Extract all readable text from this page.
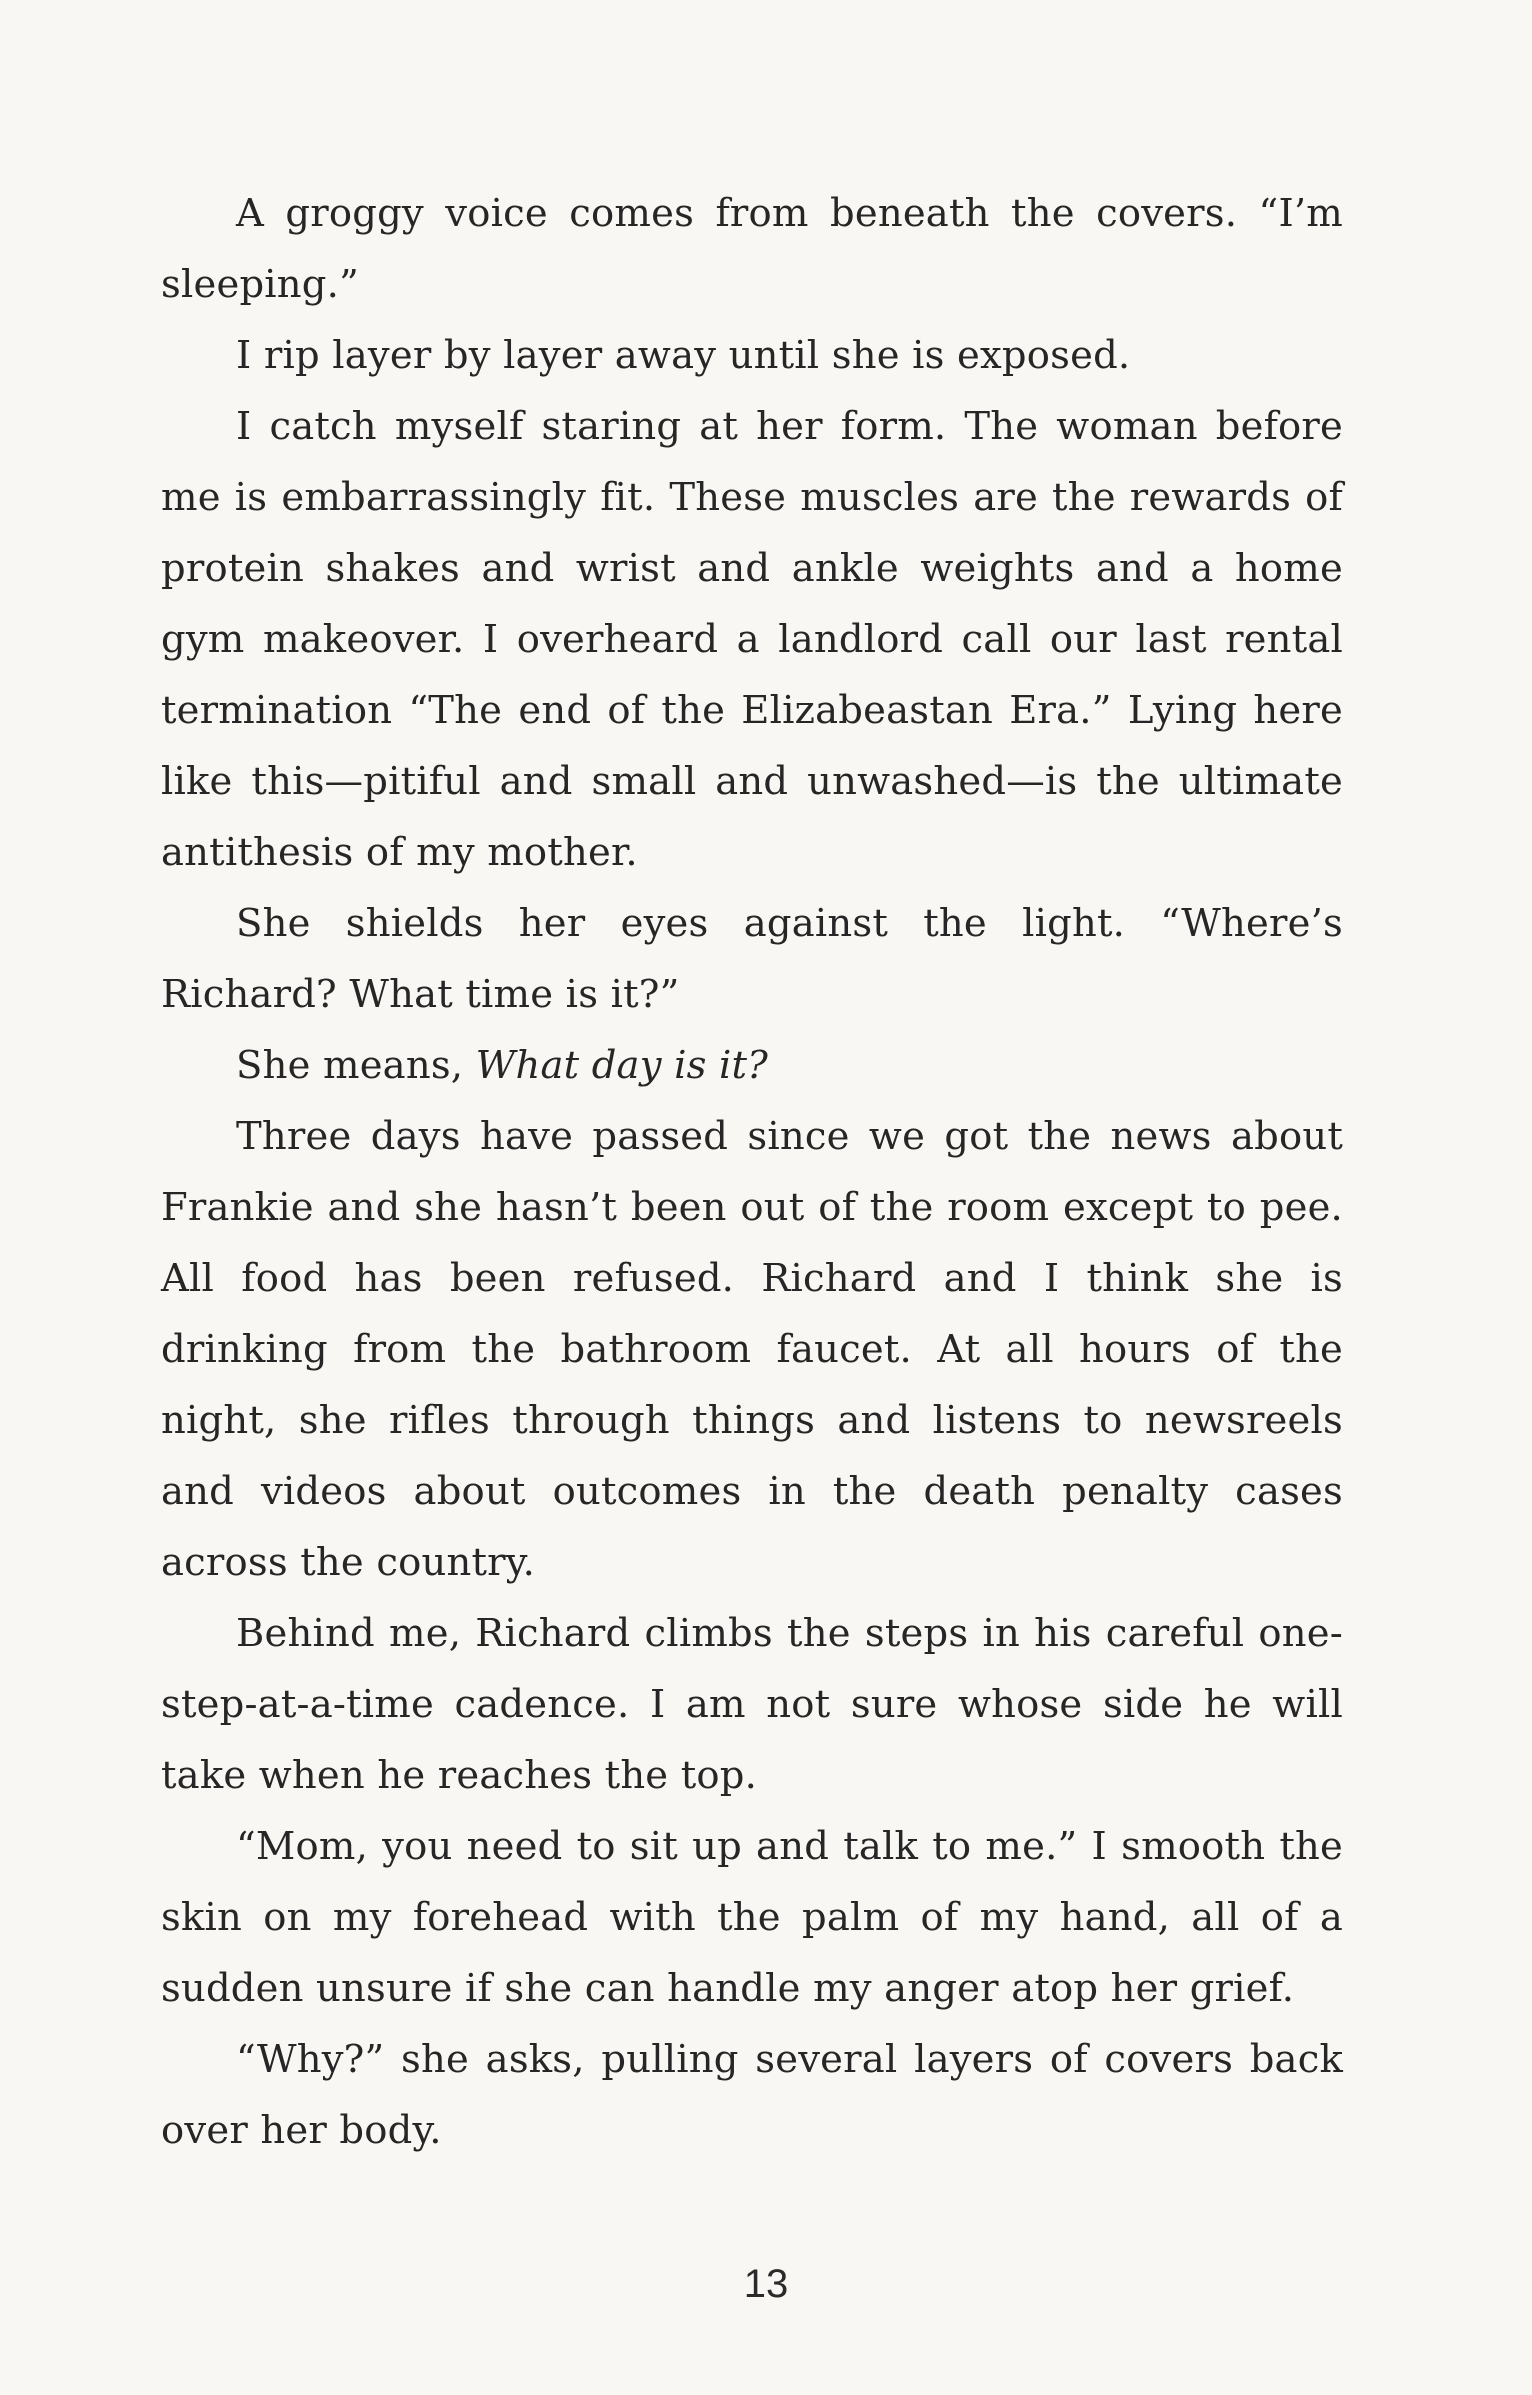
A groggy voice comes from beneath the covers. “I’m sleeping.”

I rip layer by layer away until she is exposed.

I catch myself staring at her form. The woman before me is embarrassingly fit. These muscles are the rewards of protein shakes and wrist and ankle weights and a home gym makeover. I overheard a landlord call our last rental termination “The end of the Elizabeastan Era.” Lying here like this—pitiful and small and unwashed—is the ultimate antithesis of my mother.

She shields her eyes against the light. “Where’s Richard? What time is it?”

She means, What day is it?

Three days have passed since we got the news about Frankie and she hasn’t been out of the room except to pee. All food has been refused. Richard and I think she is drinking from the bathroom faucet. At all hours of the night, she rifles through things and listens to newsreels and videos about outcomes in the death penalty cases across the country.

Behind me, Richard climbs the steps in his careful one-step-at-a-time cadence. I am not sure whose side he will take when he reaches the top.

“Mom, you need to sit up and talk to me.” I smooth the skin on my forehead with the palm of my hand, all of a sudden unsure if she can handle my anger atop her grief.

“Why?” she asks, pulling several layers of covers back over her body.

13
